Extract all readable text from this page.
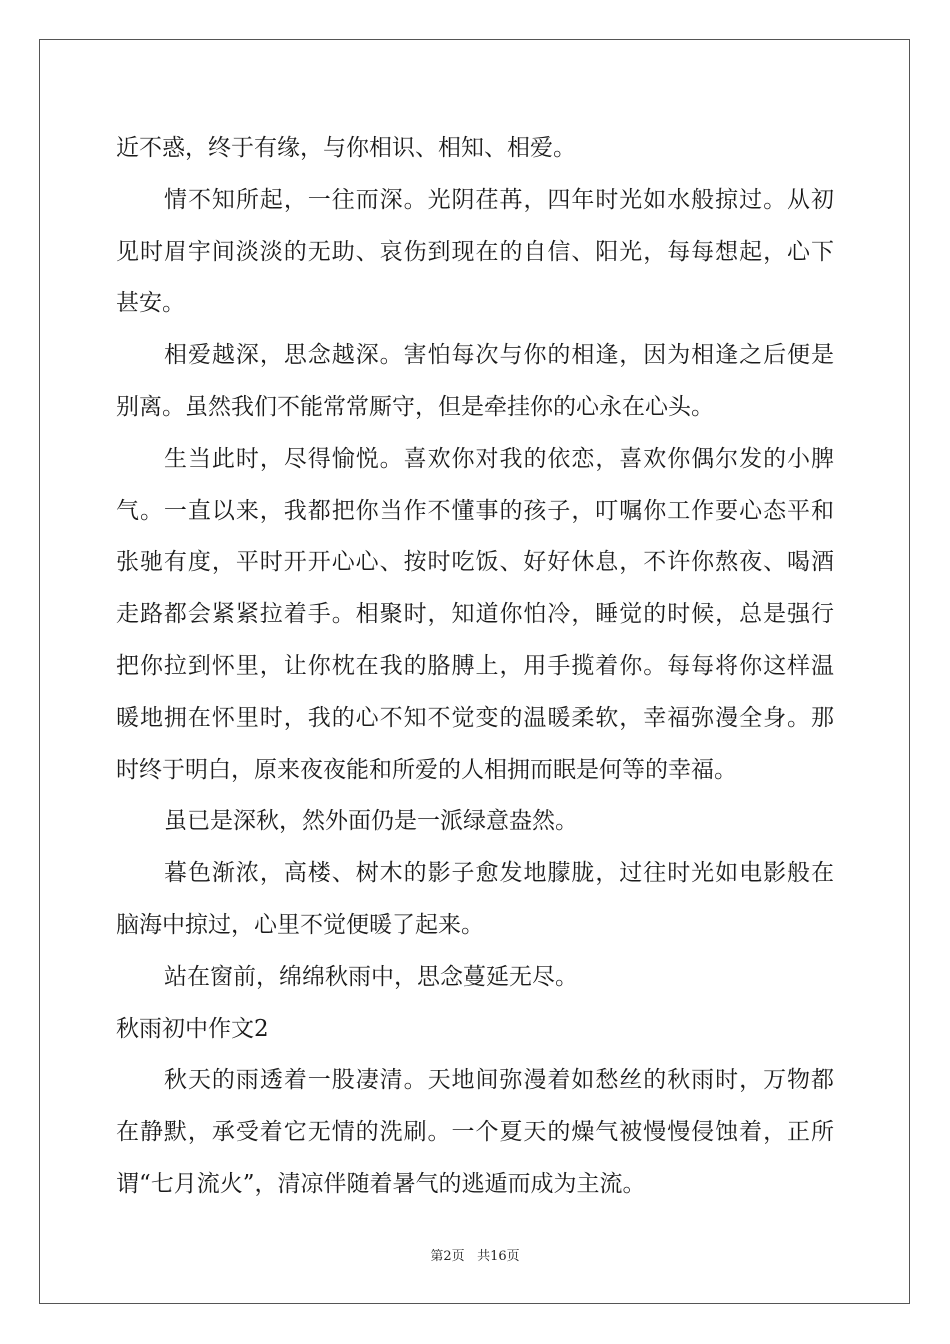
近不惑，终于有缘，与你相识、相知、相爱。
情不知所起，一往而深。光阴荏苒，四年时光如水般掠过。从初
见时眉宇间淡淡的无助、哀伤到现在的自信、阳光，每每想起，心下
甚安。
相爱越深，思念越深。害怕每次与你的相逢，因为相逢之后便是
别离。虽然我们不能常常厮守，但是牵挂你的心永在心头。
生当此时，尽得愉悦。喜欢你对我的依恋，喜欢你偶尔发的小脾
气。一直以来，我都把你当作不懂事的孩子，叮嘱你工作要心态平和
张驰有度，平时开开心心、按时吃饭、好好休息，不许你熬夜、喝酒
走路都会紧紧拉着手。相聚时，知道你怕冷，睡觉的时候，总是强行
把你拉到怀里，让你枕在我的胳膊上，用手揽着你。每每将你这样温
暖地拥在怀里时，我的心不知不觉变的温暖柔软，幸福弥漫全身。那
时终于明白，原来夜夜能和所爱的人相拥而眠是何等的幸福。
虽已是深秋，然外面仍是一派绿意盎然。
暮色渐浓，高楼、树木的影子愈发地朦胧，过往时光如电影般在
脑海中掠过，心里不觉便暖了起来。
站在窗前，绵绵秋雨中，思念蔓延无尽。
秋雨初中作文2
秋天的雨透着一股凄清。天地间弥漫着如愁丝的秋雨时，万物都
在静默，承受着它无情的洗刷。一个夏天的燥气被慢慢侵蚀着，正所
谓“七月流火”，清凉伴随着暑气的逃遁而成为主流。
第2页 共16页
